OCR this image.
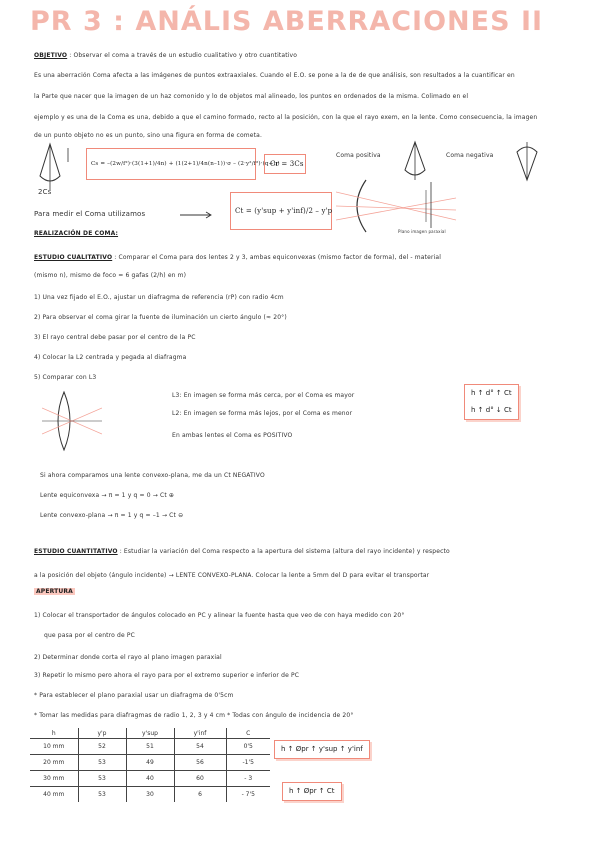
PR 3 : ANÁLIS ABERRACIONES II
OBJETIVO : Observar el coma a través de un estudio cualitativo y otro cuantitativo
Es una aberración Coma afecta a las imágenes de puntos extraaxiales. Cuando el E.O. se pone a la de de que análisis, son resultados a la cuantificar en
la Parte que nacer que la imagen de un haz comonido y lo de objetos mal alineado, los puntos en ordenados de la misma. Colimado en el
ejemplo y es una de la Coma es una, debido a que el camino formado, recto al la posición, con la que el rayo exem, en la lente. Como consecuencia, la imagen
de un punto objeto no es un punto, sino una figura en forma de cometa.
2Cs
Cs = –(2w/f²)·(3(1+1)/4n) + (1(2+1)/4n(n–1))·σ – (2·y²/f²)·(q+π)
Cr = 3Cs
Coma positiva	Coma negativa
Para medir el Coma utilizamos	Ct = (y'sup + y'inf)/2 – y'p
Plano imagen paraxial
REALIZACIÓN DE COMA:
ESTUDIO CUALITATIVO : Comparar el Coma para dos lentes 2 y 3, ambas equiconvexas (mismo factor de forma), del - material
(mismo n), mismo de foco = 6 gafas (2/h) en m)
1) Una vez fijado el E.O., ajustar un diafragma de referencia (rP) con radio 4cm
2) Para observar el coma girar la fuente de iluminación un cierto ángulo (≈ 20°)
3) El rayo central debe pasar por el centro de la PC
4) Colocar la L2 centrada y pegada al diafragma
5) Comparar con L3
L3: En imagen se forma más cerca, por el Coma es mayor
L2: En imagen se forma más lejos, por el Coma es menor
En ambas lentes el Coma es POSITIVO
h ↑ d° ↑ Ct
h ↑ d° ↓ Ct
Si ahora comparamos una lente convexo-plana, me da un Ct NEGATIVO
Lente equiconvexa → π = 1 y q = 0 → Ct ⊕
Lente convexo-plana → π = 1 y q = –1 → Ct ⊖
ESTUDIO CUANTITATIVO : Estudiar la variación del Coma respecto a la apertura del sistema (altura del rayo incidente) y respecto
a la posición del objeto (ángulo incidente) → LENTE CONVEXO-PLANA. Colocar la lente a 5mm del D para evitar el transportar
APERTURA
1) Colocar el transportador de ángulos colocado en PC y alinear la fuente hasta que veo de con haya medido con 20°
que pasa por el centro de PC
2) Determinar donde corta el rayo al plano imagen paraxial
3) Repetir lo mismo pero ahora el rayo para por el extremo superior e inferior de PC
* Para establecer el plano paraxial usar un diafragma de 0'5cm
* Tomar las medidas para diafragmas de radio 1, 2, 3 y 4 cm * Todas con ángulo de incidencia de 20°
h	y'p	y'sup	y'inf	C
10 mm	52	51	54	0'5
20 mm	53	49	56	-1'5
30 mm	53	40	60	- 3
40 mm	53	30	6	- 7'5
h ↑ Øpr ↑ y'sup ↑ y'inf
h ↑ Øpr ↑ Ct
